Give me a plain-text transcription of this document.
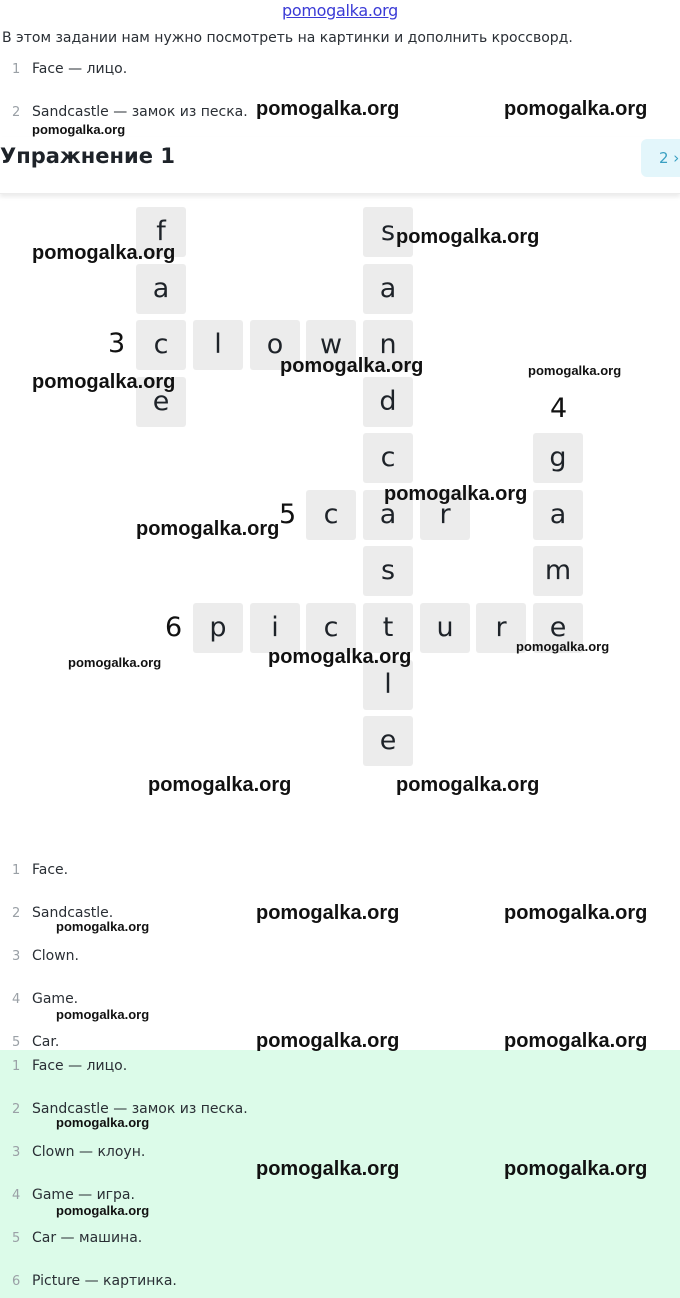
pomogalka.org
В этом задании нам нужно посмотреть на картинки и дополнить кроссворд.
1 Face — лицо.
2 Sandcastle — замок из песка.
f
a
c
e
s
a
n
d
c
a
s
t
l
e
l	o	w
g
a
m
e
c	r
p	i	c	u	r
Упражнение 1	2 ›
3
4
5
6
1 Face.
2 Sandcastle.
3 Clown.
4 Game.
5 Car.
1 Face — лицо.
2 Sandcastle — замок из песка.
3 Clown — клоун.
4 Game — игра.
5 Car — машина.
6 Picture — картинка.
pomogalka.org	pomogalka.org
pomogalka.org
pomogalka.org
pomogalka.org
pomogalka.org
pomogalka.org	pomogalka.org
pomogalka.org
pomogalka.org
pomogalka.org
pomogalka.org
pomogalka.org
pomogalka.org	pomogalka.org
pomogalka.org	pomogalka.org
pomogalka.org
pomogalka.org
pomogalka.org	pomogalka.org
pomogalka.org
pomogalka.org	pomogalka.org
pomogalka.org
